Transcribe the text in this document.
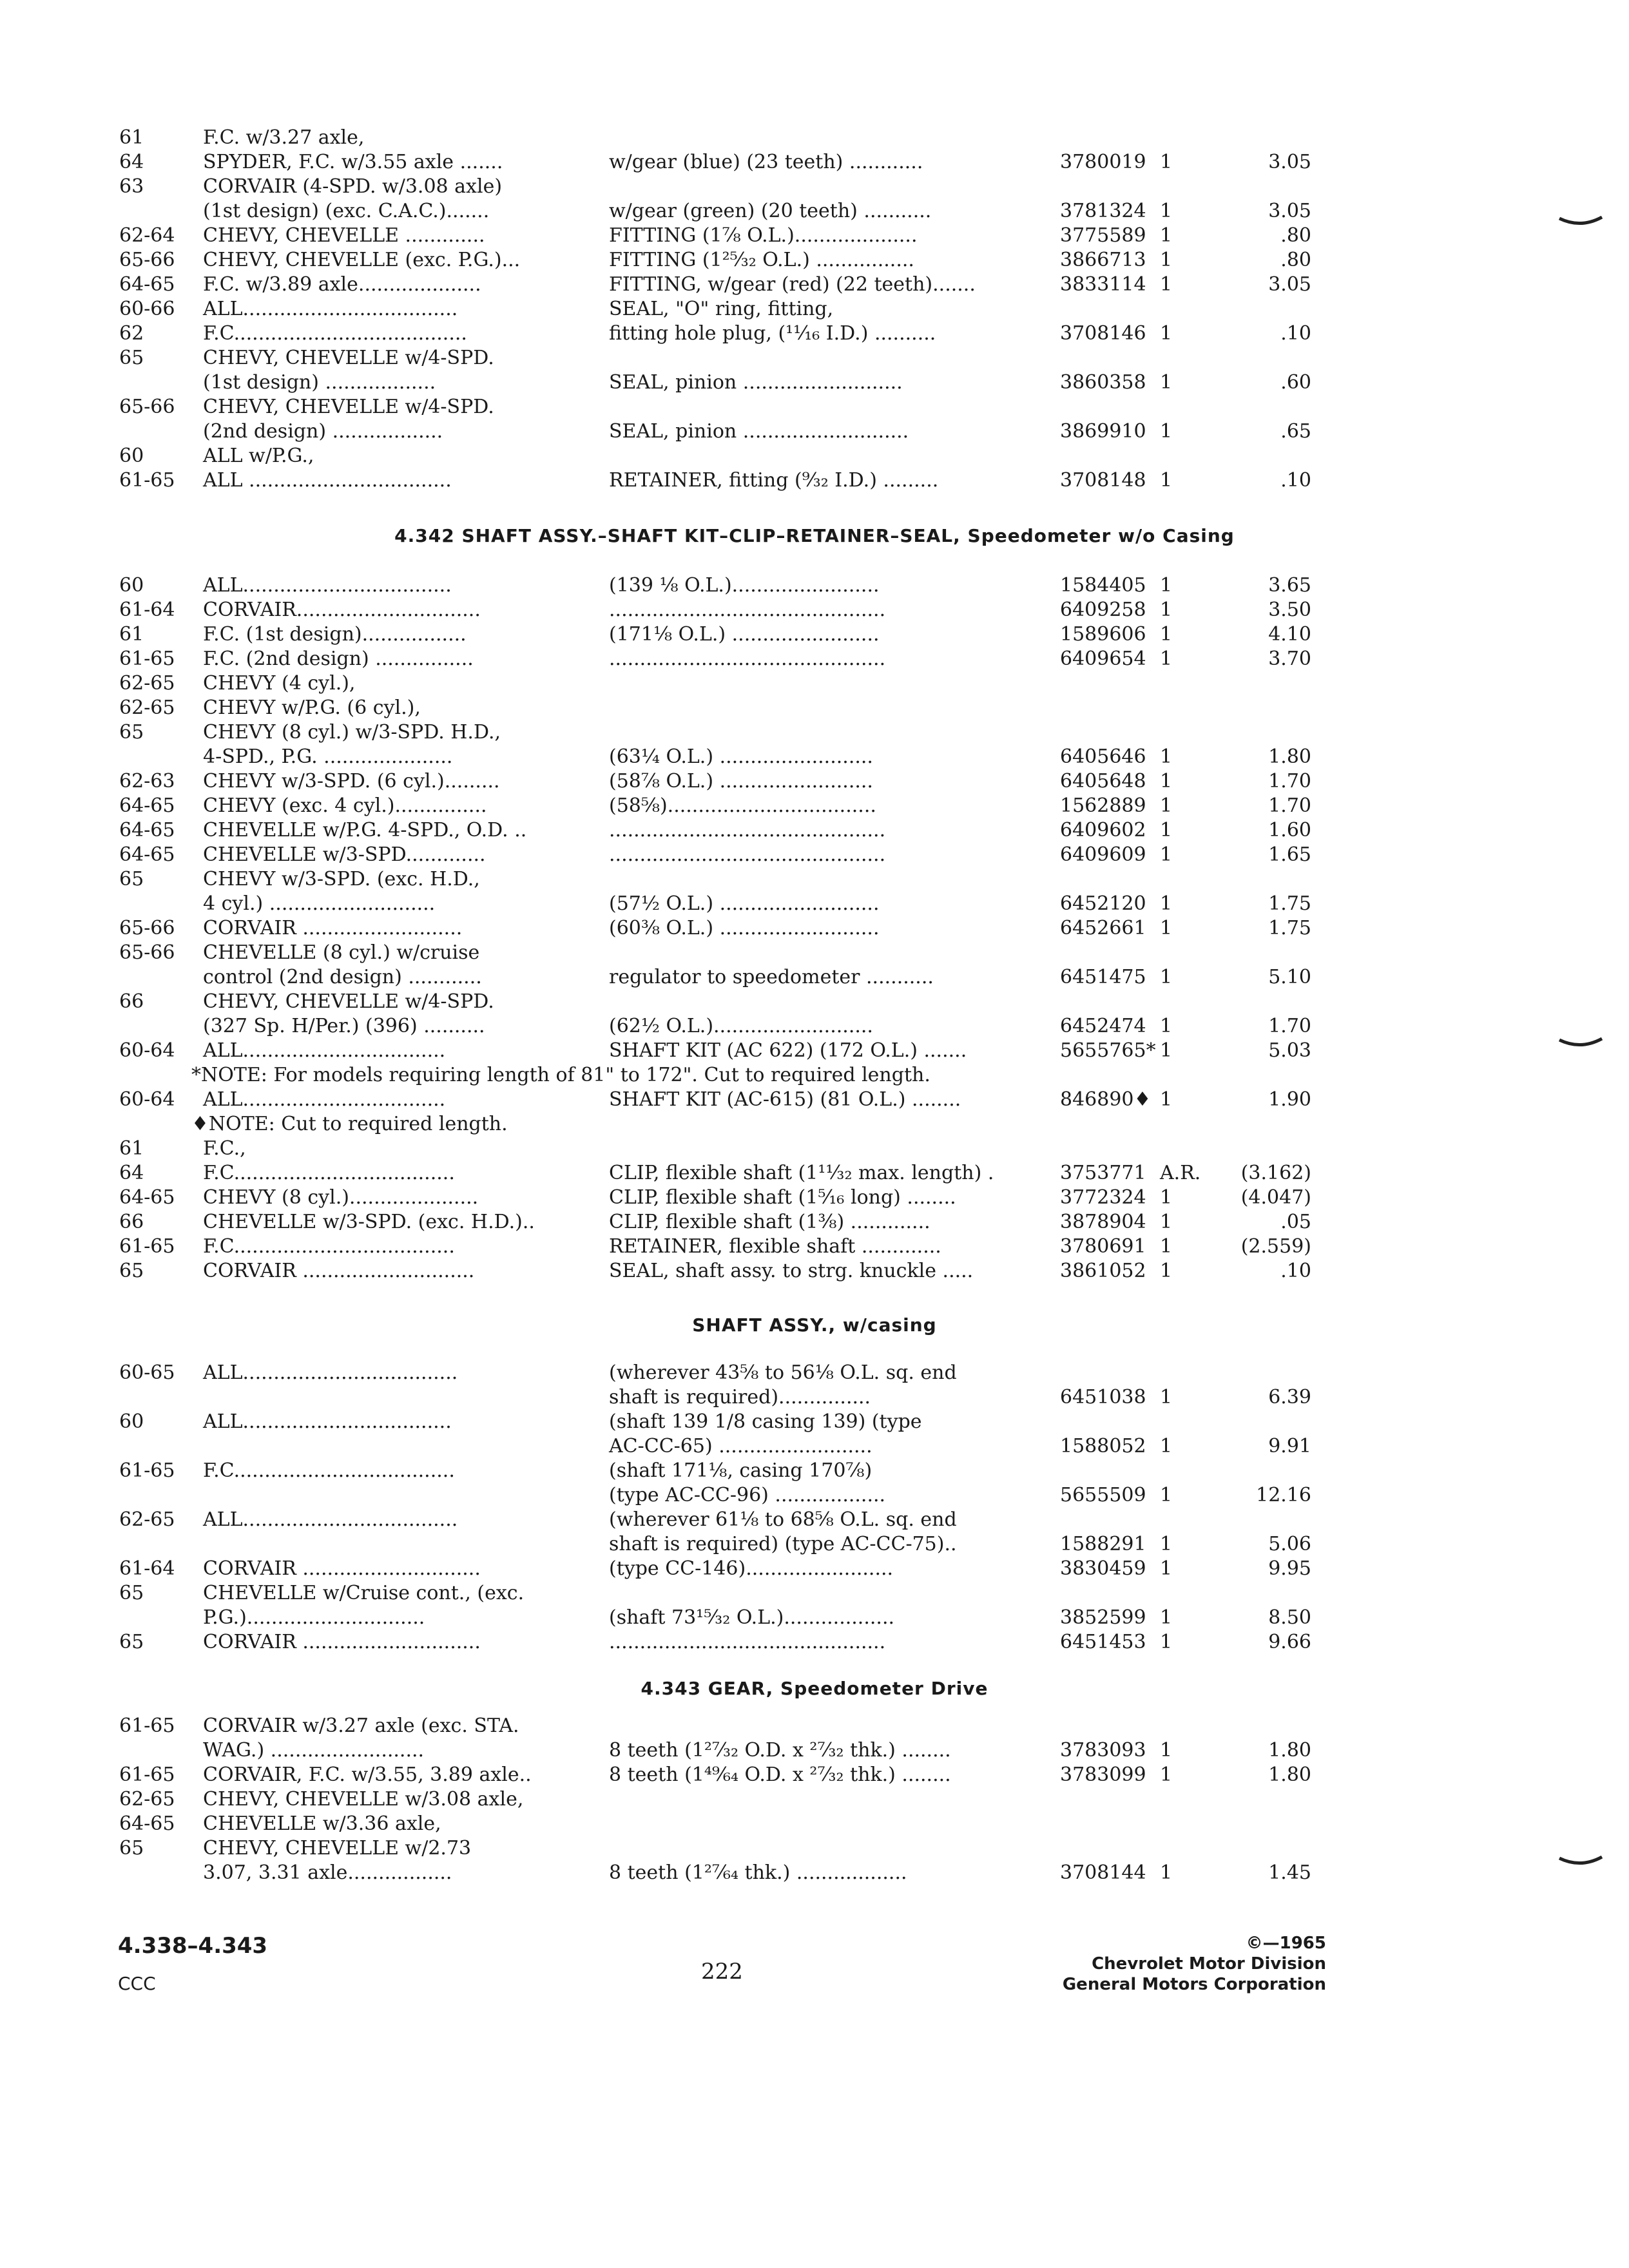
61	F.C. w/3.27 axle,
64	SPYDER, F.C. w/3.55 axle .......	w/gear (blue) (23 teeth) ............	3780019 1	3.05
63	CORVAIR (4-SPD. w/3.08 axle)
(1st design) (exc. C.A.C.).......	w/gear (green) (20 teeth) ...........	3781324 1	3.05
62-64 CHEVY, CHEVELLE .............	FITTING (1⅞ O.L.)....................	3775589 1	.80
65-66 CHEVY, CHEVELLE (exc. P.G.)...	FITTING (1²⁵⁄₃₂ O.L.) ................	3866713 1	.80
64-65 F.C. w/3.89 axle....................	FITTING, w/gear (red) (22 teeth).......	3833114 1	3.05
60-66 ALL...................................	SEAL, "O" ring, fitting,
62	F.C......................................	fitting hole plug, (¹¹⁄₁₆ I.D.) ..........	3708146 1	.10
65	CHEVY, CHEVELLE w/4-SPD.
(1st design) ..................	SEAL, pinion ..........................	3860358 1	.60
65-66 CHEVY, CHEVELLE w/4-SPD.
(2nd design) ..................	SEAL, pinion ...........................	3869910 1	.65
60	ALL w/P.G.,
61-65 ALL .................................	RETAINER, fitting (⁹⁄₃₂ I.D.) .........	3708148 1	.10
4.342 SHAFT ASSY.–SHAFT KIT–CLIP–RETAINER–SEAL, Speedometer w/o Casing
60	ALL..................................	(139 ⅛ O.L.)........................	1584405 1	3.65
61-64 CORVAIR..............................	.............................................	6409258 1	3.50
61	F.C. (1st design).................	(171⅛ O.L.) ........................	1589606 1	4.10
61-65 F.C. (2nd design) ................	.............................................	6409654 1	3.70
62-65 CHEVY (4 cyl.),
62-65 CHEVY w/P.G. (6 cyl.),
65	CHEVY (8 cyl.) w/3-SPD. H.D.,
4-SPD., P.G. .....................	(63¼ O.L.) .........................	6405646 1	1.80
62-63 CHEVY w/3-SPD. (6 cyl.).........	(58⅞ O.L.) .........................	6405648 1	1.70
64-65 CHEVY (exc. 4 cyl.)...............	(58⅝)..................................	1562889 1	1.70
64-65 CHEVELLE w/P.G. 4-SPD., O.D. ..	.............................................	6409602 1	1.60
64-65 CHEVELLE w/3-SPD.............	.............................................	6409609 1	1.65
65	CHEVY w/3-SPD. (exc. H.D.,
4 cyl.) ...........................	(57½ O.L.) ..........................	6452120 1	1.75
65-66 CORVAIR ..........................	(60⅜ O.L.) ..........................	6452661 1	1.75
65-66 CHEVELLE (8 cyl.) w/cruise
control (2nd design) ............	regulator to speedometer ...........	6451475 1	5.10
66	CHEVY, CHEVELLE w/4-SPD.
(327 Sp. H/Per.) (396) ..........	(62½ O.L.)..........................	6452474 1	1.70
60-64 ALL.................................	SHAFT KIT (AC 622) (172 O.L.) .......	5655765* 1	5.03
*NOTE: For models requiring length of 81" to 172". Cut to required length.
60-64 ALL.................................	SHAFT KIT (AC-615) (81 O.L.) ........	846890♦ 1	1.90
♦NOTE: Cut to required length.
61	F.C.,
64	F.C....................................	CLIP, flexible shaft (1¹¹⁄₃₂ max. length) .	3753771 A.R.	(3.162)
64-65 CHEVY (8 cyl.).....................	CLIP, flexible shaft (1⁵⁄₁₆ long) ........	3772324 1	(4.047)
66	CHEVELLE w/3-SPD. (exc. H.D.)..	CLIP, flexible shaft (1⅜) .............	3878904 1	.05
61-65 F.C....................................	RETAINER, flexible shaft .............	3780691 1	(2.559)
65	CORVAIR ............................	SEAL, shaft assy. to strg. knuckle .....	3861052 1	.10
SHAFT ASSY., w/casing
60-65 ALL...................................	(wherever 43⅝ to 56⅛ O.L. sq. end
shaft is required)...............	6451038 1	6.39
60	ALL..................................	(shaft 139 1/8 casing 139) (type
AC-CC-65) .........................	1588052 1	9.91
61-65 F.C....................................	(shaft 171⅛, casing 170⅞)
(type AC-CC-96) ..................	5655509 1	12.16
62-65 ALL...................................	(wherever 61⅛ to 68⅝ O.L. sq. end
shaft is required) (type AC-CC-75)..	1588291 1	5.06
61-64 CORVAIR .............................	(type CC-146)........................	3830459 1	9.95
65	CHEVELLE w/Cruise cont., (exc.
P.G.).............................	(shaft 73¹⁵⁄₃₂ O.L.)..................	3852599 1	8.50
65	CORVAIR .............................	.............................................	6451453 1	9.66
4.343 GEAR, Speedometer Drive
61-65 CORVAIR w/3.27 axle (exc. STA.
WAG.) .........................	8 teeth (1²⁷⁄₃₂ O.D. x ²⁷⁄₃₂ thk.) ........	3783093 1	1.80
61-65 CORVAIR, F.C. w/3.55, 3.89 axle..	8 teeth (1⁴⁹⁄₆₄ O.D. x ²⁷⁄₃₂ thk.) ........	3783099 1	1.80
62-65 CHEVY, CHEVELLE w/3.08 axle,
64-65 CHEVELLE w/3.36 axle,
65	CHEVY, CHEVELLE w/2.73
3.07, 3.31 axle.................	8 teeth (1²⁷⁄₆₄ thk.) ..................	3708144 1	1.45
4.338–4.343
CCC	222
©—1965
Chevrolet Motor Division
General Motors Corporation
